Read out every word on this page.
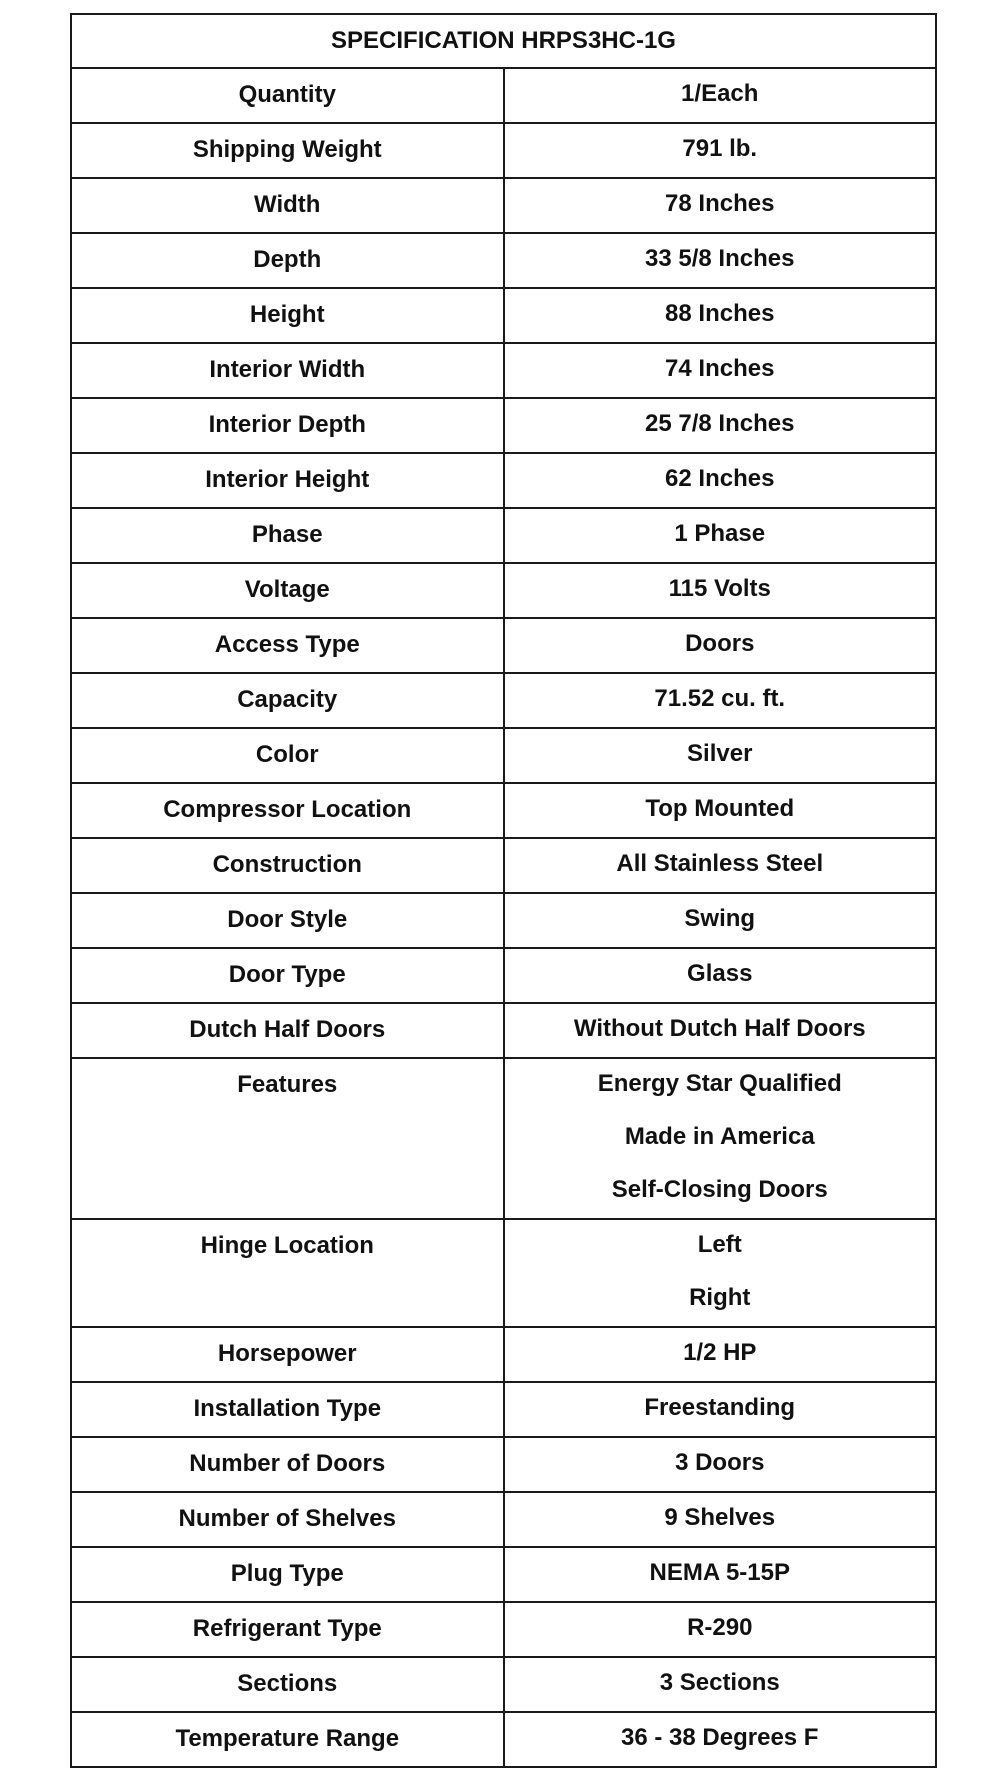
SPECIFICATION HRPS3HC-1G	
Quantity	1/Each

Shipping Weight	791 lb.

Width	78 Inches

Depth	33 5/8 Inches

Height	88 Inches

Interior Width	74 Inches

Interior Depth	25 7/8 Inches

Interior Height	62 Inches

Phase	1 Phase

Voltage	115 Volts

Access Type	Doors

Capacity	71.52 cu. ft.

Color	Silver

Compressor Location	Top Mounted

Construction	All Stainless Steel

Door Style	Swing

Door Type	Glass

Dutch Half Doors	Without Dutch Half Doors

Features	Energy Star Qualified
Made in America
Self-Closing Doors

Hinge Location	Left
Right

Horsepower	1/2 HP

Installation Type	Freestanding

Number of Doors	3 Doors

Number of Shelves	9 Shelves

Plug Type	NEMA 5-15P

Refrigerant Type	R-290

Sections	3 Sections

Temperature Range	36 - 38 Degrees F
